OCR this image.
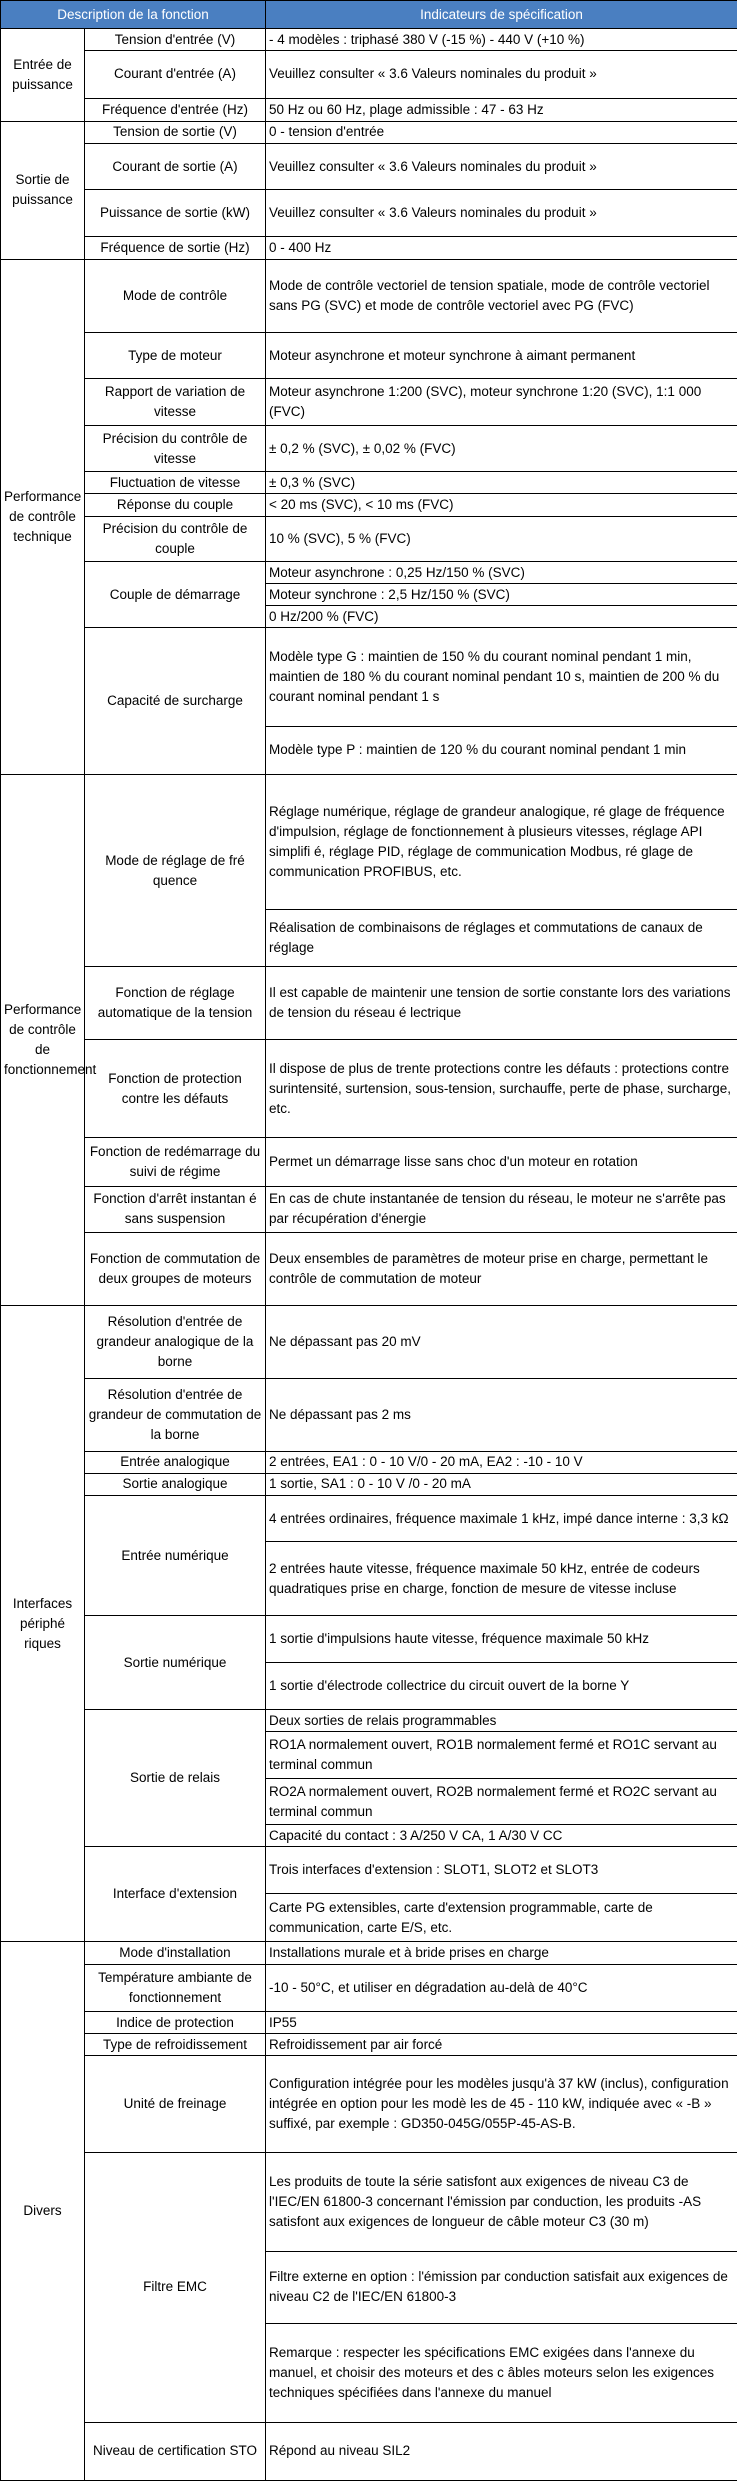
Description de la fonction		Indicateurs de spécification
Entrée de puissance	Tension d'entrée (V)	- 4 modèles : triphasé 380 V (-15 %) - 440 V (+10 %)
	Courant d'entrée (A)	Veuillez consulter « 3.6 Valeurs nominales du produit »
	Fréquence d'entrée (Hz)	50 Hz ou 60 Hz, plage admissible : 47 - 63 Hz
Sortie de puissance	Tension de sortie (V)	0 - tension d'entrée
	Courant de sortie (A)	Veuillez consulter « 3.6 Valeurs nominales du produit »
	Puissance de sortie (kW)	Veuillez consulter « 3.6 Valeurs nominales du produit »
	Fréquence de sortie (Hz)	0 - 400 Hz
Performance de contrôle technique	Mode de contrôle	Mode de contrôle vectoriel de tension spatiale, mode de contrôle vectoriel sans PG (SVC) et mode de contrôle vectoriel avec PG (FVC)
	Type de moteur	Moteur asynchrone et moteur synchrone à aimant permanent
	Rapport de variation de vitesse	Moteur asynchrone 1:200 (SVC), moteur synchrone 1:20 (SVC), 1:1 000 (FVC)
	Précision du contrôle de vitesse	± 0,2 % (SVC), ± 0,02 % (FVC)
	Fluctuation de vitesse	± 0,3 % (SVC)
	Réponse du couple	< 20 ms (SVC), < 10 ms (FVC)
	Précision du contrôle de couple	10 % (SVC), 5 % (FVC)
	Couple de démarrage	Moteur asynchrone : 0,25 Hz/150 % (SVC)
		Moteur synchrone : 2,5 Hz/150 % (SVC)
		0 Hz/200 % (FVC)
	Capacité de surcharge	Modèle type G : maintien de 150 % du courant nominal pendant 1 min, maintien de 180 % du courant nominal pendant 10 s, maintien de 200 % du courant nominal pendant 1 s
		Modèle type P : maintien de 120 % du courant nominal pendant 1 min
Performance de contrôle de fonctionnement	Mode de réglage de fré quence	Réglage numérique, réglage de grandeur analogique, ré glage de fréquence d'impulsion, réglage de fonctionnement à plusieurs vitesses, réglage API simplifi é, réglage PID, réglage de communication Modbus, ré glage de communication PROFIBUS, etc.
		Réalisation de combinaisons de réglages et commutations de canaux de réglage
	Fonction de réglage automatique de la tension	Il est capable de maintenir une tension de sortie constante lors des variations de tension du réseau é lectrique
	Fonction de protection contre les défauts	Il dispose de plus de trente protections contre les défauts : protections contre surintensité, surtension, sous-tension, surchauffe, perte de phase, surcharge, etc.
	Fonction de redémarrage du suivi de régime	Permet un démarrage lisse sans choc d'un moteur en rotation
	Fonction d'arrêt instantan é sans suspension	En cas de chute instantanée de tension du réseau, le moteur ne s'arrête pas par récupération d'énergie
	Fonction de commutation de deux groupes de moteurs	Deux ensembles de paramètres de moteur prise en charge, permettant le contrôle de commutation de moteur
Interfaces périphé riques	Résolution d'entrée de grandeur analogique de la borne	Ne dépassant pas 20 mV
	Résolution d'entrée de grandeur de commutation de la borne	Ne dépassant pas 2 ms
	Entrée analogique	2 entrées, EA1 : 0 - 10 V/0 - 20 mA, EA2 : -10 - 10 V
	Sortie analogique	1 sortie, SA1 : 0 - 10 V /0 - 20 mA
	Entrée numérique	4 entrées ordinaires, fréquence maximale 1 kHz, impé dance interne : 3,3 kΩ
		2 entrées haute vitesse, fréquence maximale 50 kHz, entrée de codeurs quadratiques prise en charge, fonction de mesure de vitesse incluse
	Sortie numérique	1 sortie d'impulsions haute vitesse, fréquence maximale 50 kHz
		1 sortie d'électrode collectrice du circuit ouvert de la borne Y
	Sortie de relais	Deux sorties de relais programmables
		RO1A normalement ouvert, RO1B normalement fermé et RO1C servant au terminal commun
		RO2A normalement ouvert, RO2B normalement fermé et RO2C servant au terminal commun
		Capacité du contact : 3 A/250 V CA, 1 A/30 V CC
	Interface d'extension	Trois interfaces d'extension : SLOT1, SLOT2 et SLOT3
		Carte PG extensibles, carte d'extension programmable, carte de communication, carte E/S, etc.
Divers	Mode d'installation	Installations murale et à bride prises en charge
	Température ambiante de fonctionnement	-10 - 50°C, et utiliser en dégradation au-delà de 40°C
	Indice de protection	IP55
	Type de refroidissement	Refroidissement par air forcé
	Unité de freinage	Configuration intégrée pour les modèles jusqu'à 37 kW (inclus), configuration intégrée en option pour les modè les de 45 - 110 kW, indiquée avec « -B » suffixé, par exemple : GD350-045G/055P-45-AS-B.
	Filtre EMC	Les produits de toute la série satisfont aux exigences de niveau C3 de l'IEC/EN 61800-3 concernant l'émission par conduction, les produits -AS satisfont aux exigences de longueur de câble moteur C3 (30 m)
		Filtre externe en option : l'émission par conduction satisfait aux exigences de niveau C2 de l'IEC/EN 61800-3
		Remarque : respecter les spécifications EMC exigées dans l'annexe du manuel, et choisir des moteurs et des c âbles moteurs selon les exigences techniques spécifiées dans l'annexe du manuel
	Niveau de certification STO	Répond au niveau SIL2
